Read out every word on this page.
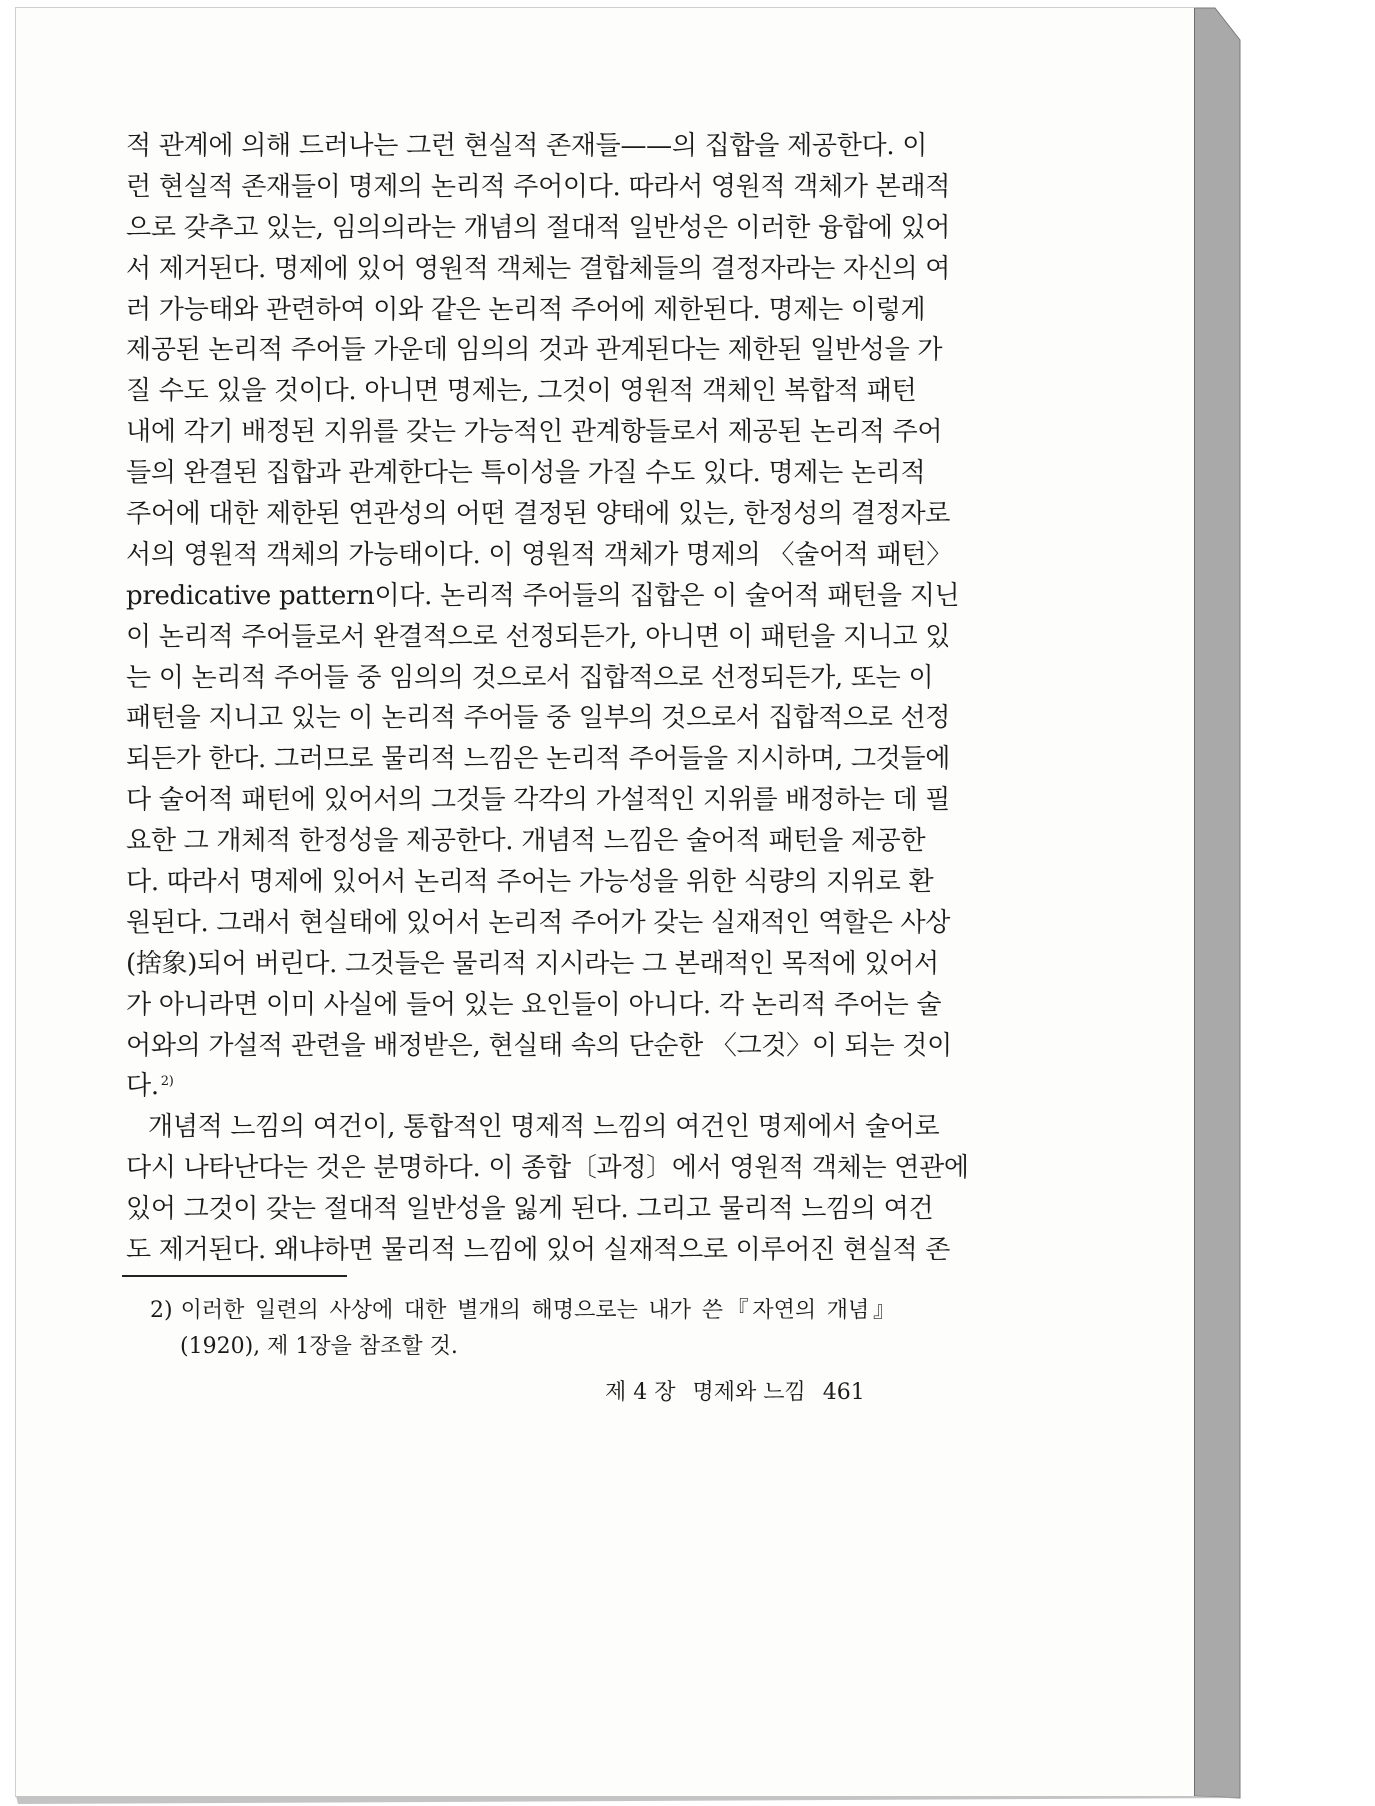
적 관계에 의해 드러나는 그런 현실적 존재들——의 집합을 제공한다. 이
런 현실적 존재들이 명제의 논리적 주어이다. 따라서 영원적 객체가 본래적
으로 갖추고 있는, 임의의라는 개념의 절대적 일반성은 이러한 융합에 있어
서 제거된다. 명제에 있어 영원적 객체는 결합체들의 결정자라는 자신의 여
러 가능태와 관련하여 이와 같은 논리적 주어에 제한된다. 명제는 이렇게
제공된 논리적 주어들 가운데 임의의 것과 관계된다는 제한된 일반성을 가
질 수도 있을 것이다. 아니면 명제는, 그것이 영원적 객체인 복합적 패턴
내에 각기 배정된 지위를 갖는 가능적인 관계항들로서 제공된 논리적 주어
들의 완결된 집합과 관계한다는 특이성을 가질 수도 있다. 명제는 논리적
주어에 대한 제한된 연관성의 어떤 결정된 양태에 있는, 한정성의 결정자로
서의 영원적 객체의 가능태이다. 이 영원적 객체가 명제의 〈술어적 패턴〉
predicative pattern이다. 논리적 주어들의 집합은 이 술어적 패턴을 지닌
이 논리적 주어들로서 완결적으로 선정되든가, 아니면 이 패턴을 지니고 있
는 이 논리적 주어들 중 임의의 것으로서 집합적으로 선정되든가, 또는 이
패턴을 지니고 있는 이 논리적 주어들 중 일부의 것으로서 집합적으로 선정
되든가 한다. 그러므로 물리적 느낌은 논리적 주어들을 지시하며, 그것들에
다 술어적 패턴에 있어서의 그것들 각각의 가설적인 지위를 배정하는 데 필
요한 그 개체적 한정성을 제공한다. 개념적 느낌은 술어적 패턴을 제공한
다. 따라서 명제에 있어서 논리적 주어는 가능성을 위한 식량의 지위로 환
원된다. 그래서 현실태에 있어서 논리적 주어가 갖는 실재적인 역할은 사상
(捨象)되어 버린다. 그것들은 물리적 지시라는 그 본래적인 목적에 있어서
가 아니라면 이미 사실에 들어 있는 요인들이 아니다. 각 논리적 주어는 술
어와의 가설적 관련을 배정받은, 현실태 속의 단순한 〈그것〉이 되는 것이
다. $^{2)}$
개념적 느낌의 여건이, 통합적인 명제적 느낌의 여건인 명제에서 술어로
다시 나타난다는 것은 분명하다. 이 종합〔과정〕에서 영원적 객체는 연관에
있어 그것이 갖는 절대적 일반성을 잃게 된다. 그리고 물리적 느낌의 여건
도 제거된다. 왜냐하면 물리적 느낌에 있어 실재적으로 이루어진 현실적 존
2) 이러한 일련의 사상에 대한 별개의 해명으로는 내가 쓴『자연의 개념』
(1920), 제 1장을 참조할 것.
제 4 장 명제와 느낌 461
